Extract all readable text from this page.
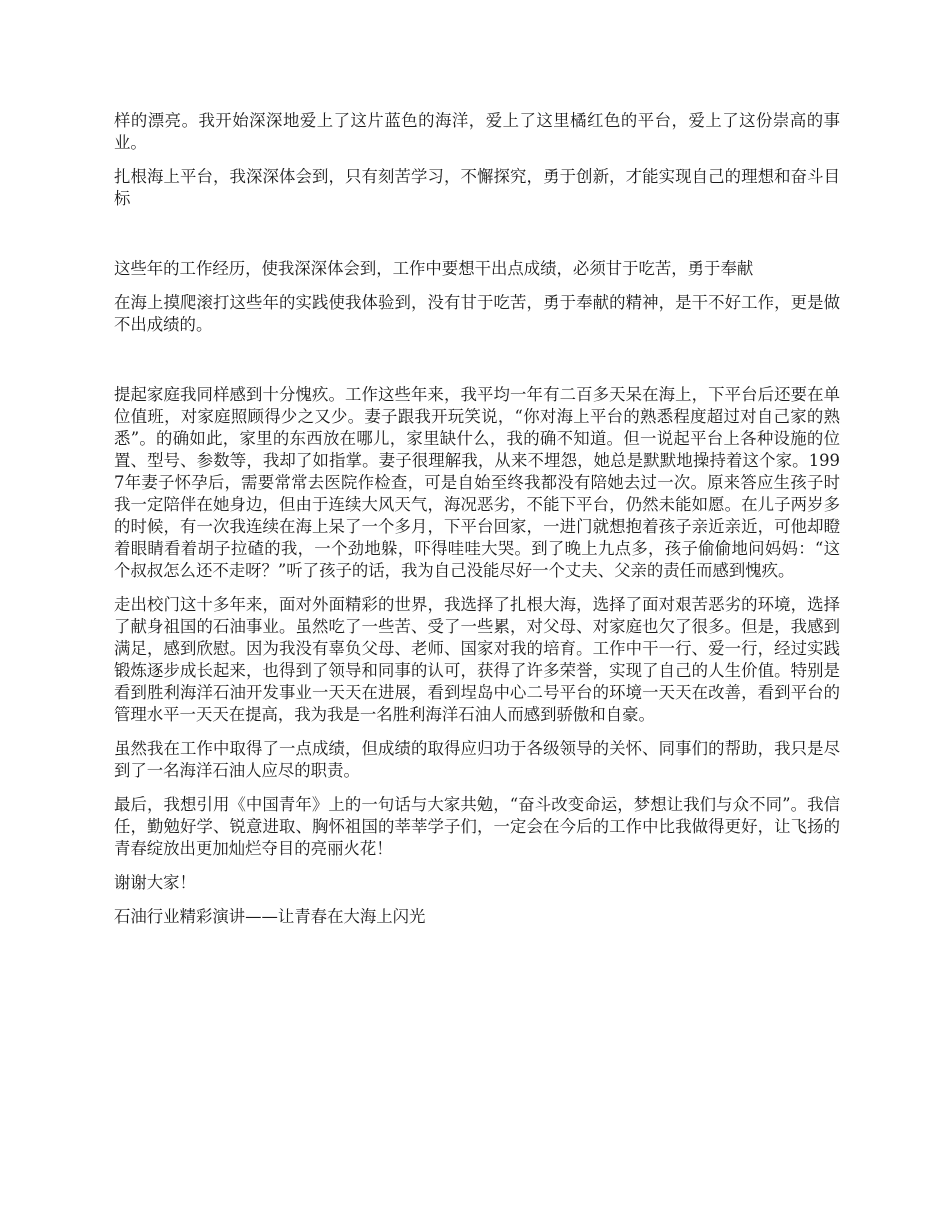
样的漂亮。我开始深深地爱上了这片蓝色的海洋，爱上了这里橘红色的平台，爱上了这份崇高的事业。

扎根海上平台，我深深体会到，只有刻苦学习，不懈探究，勇于创新，才能实现自己的理想和奋斗目标

这些年的工作经历，使我深深体会到，工作中要想干出点成绩，必须甘于吃苦，勇于奉献

在海上摸爬滚打这些年的实践使我体验到，没有甘于吃苦，勇于奉献的精神，是干不好工作，更是做不出成绩的。

提起家庭我同样感到十分愧疚。工作这些年来，我平均一年有二百多天呆在海上，下平台后还要在单位值班，对家庭照顾得少之又少。妻子跟我开玩笑说，“你对海上平台的熟悉程度超过对自己家的熟悉”。的确如此，家里的东西放在哪儿，家里缺什么，我的确不知道。但一说起平台上各种设施的位置、型号、参数等，我却了如指掌。妻子很理解我，从来不埋怨，她总是默默地操持着这个家。1997年妻子怀孕后，需要常常去医院作检查，可是自始至终我都没有陪她去过一次。原来答应生孩子时我一定陪伴在她身边，但由于连续大风天气，海况恶劣，不能下平台，仍然未能如愿。在儿子两岁多的时候，有一次我连续在海上呆了一个多月，下平台回家，一进门就想抱着孩子亲近亲近，可他却瞪着眼睛看着胡子拉碴的我，一个劲地躲，吓得哇哇大哭。到了晚上九点多，孩子偷偷地问妈妈：“这个叔叔怎么还不走呀？”听了孩子的话，我为自己没能尽好一个丈夫、父亲的责任而感到愧疚。

走出校门这十多年来，面对外面精彩的世界，我选择了扎根大海，选择了面对艰苦恶劣的环境，选择了献身祖国的石油事业。虽然吃了一些苦、受了一些累，对父母、对家庭也欠了很多。但是，我感到满足，感到欣慰。因为我没有辜负父母、老师、国家对我的培育。工作中干一行、爱一行，经过实践锻炼逐步成长起来，也得到了领导和同事的认可，获得了许多荣誉，实现了自己的人生价值。特别是看到胜利海洋石油开发事业一天天在进展，看到埕岛中心二号平台的环境一天天在改善，看到平台的管理水平一天天在提高，我为我是一名胜利海洋石油人而感到骄傲和自豪。

虽然我在工作中取得了一点成绩，但成绩的取得应归功于各级领导的关怀、同事们的帮助，我只是尽到了一名海洋石油人应尽的职责。

最后，我想引用《中国青年》上的一句话与大家共勉，“奋斗改变命运，梦想让我们与众不同”。我信任，勤勉好学、锐意进取、胸怀祖国的莘莘学子们，一定会在今后的工作中比我做得更好，让飞扬的青春绽放出更加灿烂夺目的亮丽火花！

谢谢大家！

石油行业精彩演讲——让青春在大海上闪光
